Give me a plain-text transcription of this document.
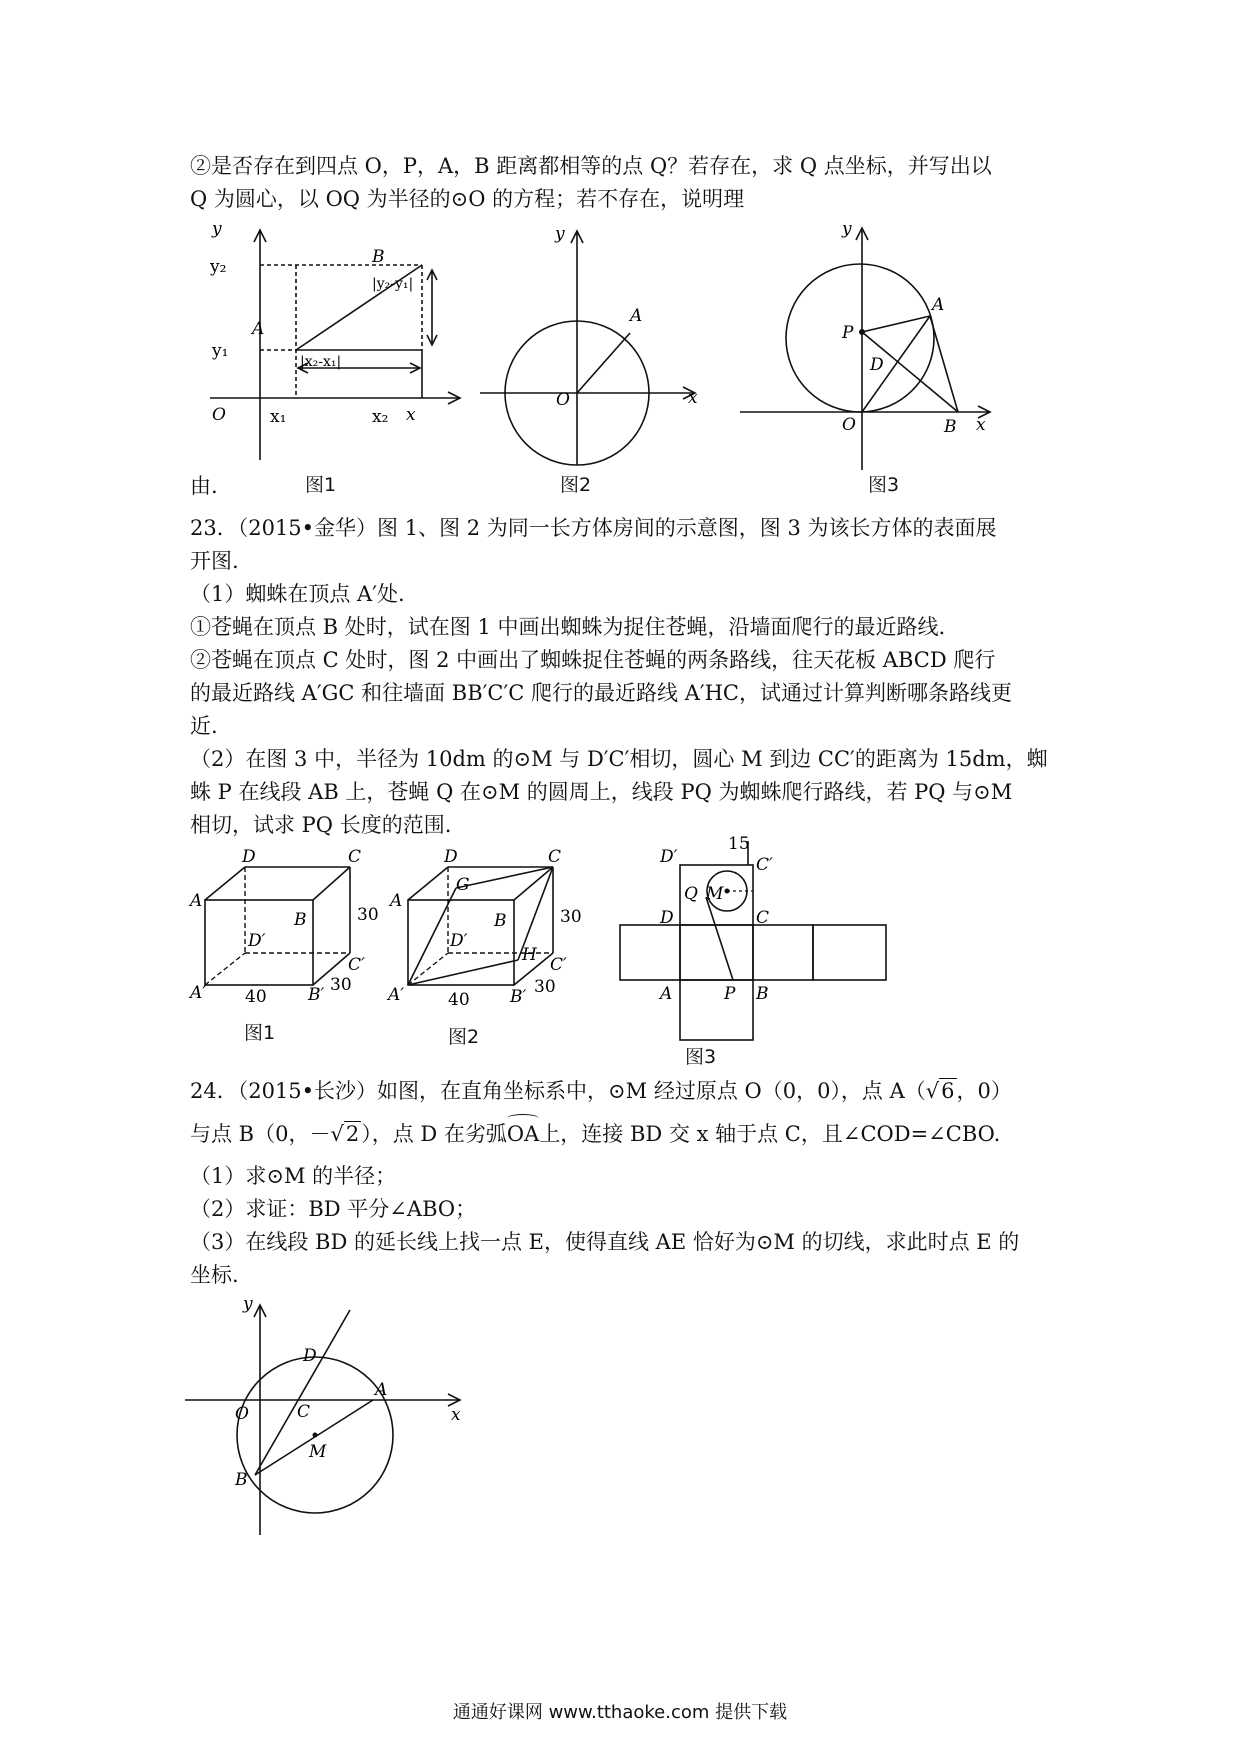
②是否存在到四点 O，P，A，B 距离都相等的点 Q？若存在，求 Q 点坐标，并写出以

Q 为圆心，以 OQ 为半径的⊙O 的方程；若不存在，说明理

由.

y
y₂
y₁
A
B
O	x₁	x₂ x
|y₂-y₁|
|x₂-x₁|
图1
y
x
O
A
图2
y
x
O
A
B
P
D
图3

23．（2015•金华）图 1、图 2 为同一长方体房间的示意图，图 3 为该长方体的表面展

开图.

（1）蜘蛛在顶点 A′处.

①苍蝇在顶点 B 处时，试在图 1 中画出蜘蛛为捉住苍蝇，沿墙面爬行的最近路线.

②苍蝇在顶点 C 处时，图 2 中画出了蜘蛛捉住苍蝇的两条路线，往天花板 ABCD 爬行

的最近路线 A′GC 和往墙面 BB′C′C 爬行的最近路线 A′HC，试通过计算判断哪条路线更

近.

（2）在图 3 中，半径为 10dm 的⊙M 与 D′C′相切，圆心 M 到边 CC′的距离为 15dm，蜘

蛛 P 在线段 AB 上，苍蝇 Q 在⊙M 的圆周上，线段 PQ 为蜘蛛爬行路线，若 PQ 与⊙M

相切，试求 PQ 长度的范围.

A
D	C
B
D′
C′
A′	B′
40
30
30
图1
A
D	C
G
B
H
D′
C′
A′	B′
40
30
30
图2
D′	C′
15
Q M
D	C
A	P B
图3

24．（2015•长沙）如图，在直角坐标系中，⊙M 经过原点 O（0，0），点 A（√6，0）

与点 B（0，－√2），点 D 在劣弧OA上，连接 BD 交 x 轴于点 C，且∠COD=∠CBO.

（1）求⊙M 的半径；

（2）求证：BD 平分∠ABO；

（3）在线段 BD 的延长线上找一点 E，使得直线 AE 恰好为⊙M 的切线，求此时点 E 的

坐标.

y
x
O
D
A
C
M
B
通通好课网 www.tthaoke.com 提供下载
